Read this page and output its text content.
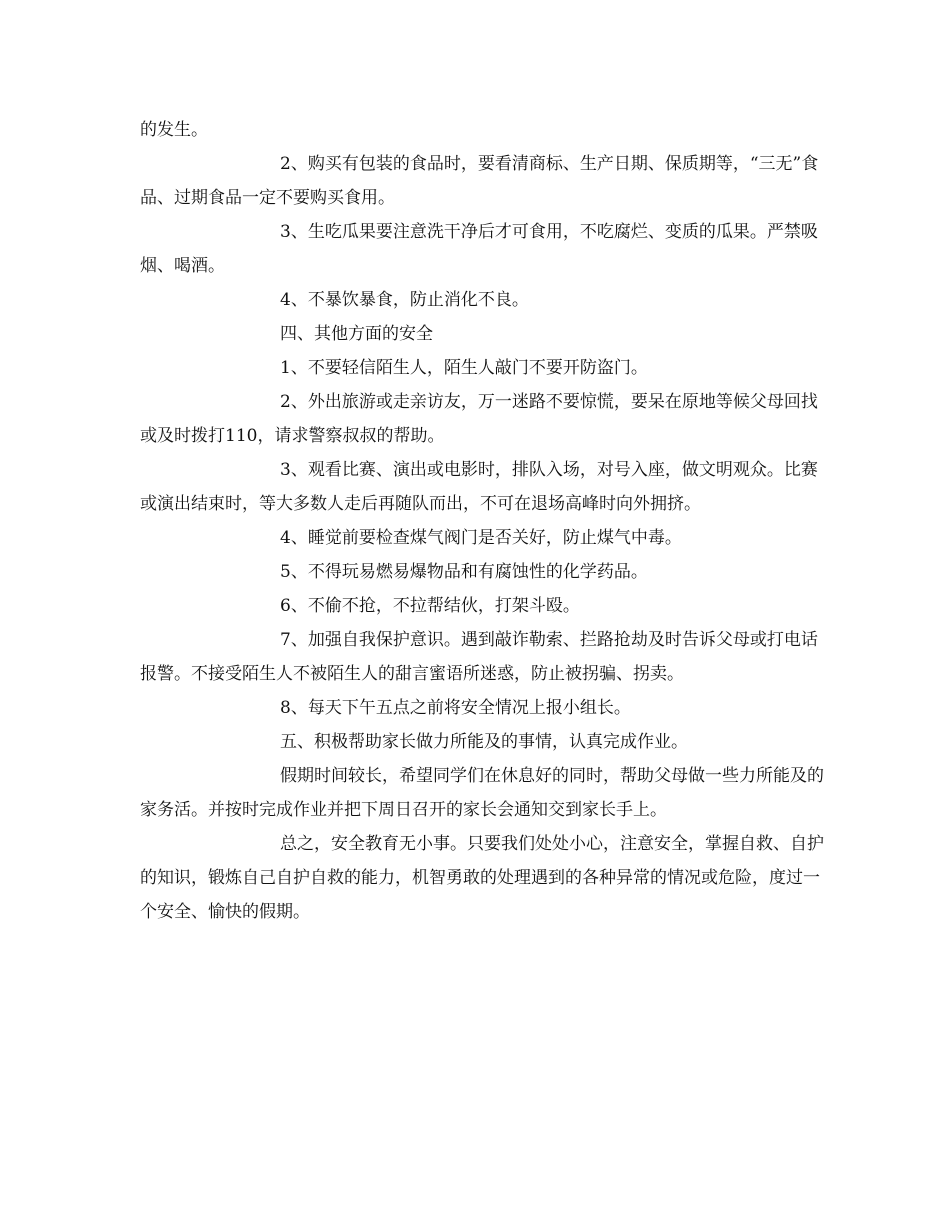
的发生。

2、购买有包装的食品时，要看清商标、生产日期、保质期等，“三无”食品、过期食品一定不要购买食用。

3、生吃瓜果要注意洗干净后才可食用，不吃腐烂、变质的瓜果。严禁吸烟、喝酒。

4、不暴饮暴食，防止消化不良。

四、其他方面的安全

1、不要轻信陌生人，陌生人敲门不要开防盗门。

2、外出旅游或走亲访友，万一迷路不要惊慌，要呆在原地等候父母回找或及时拨打110，请求警察叔叔的帮助。

3、观看比赛、演出或电影时，排队入场，对号入座，做文明观众。比赛或演出结束时，等大多数人走后再随队而出，不可在退场高峰时向外拥挤。

4、睡觉前要检查煤气阀门是否关好，防止煤气中毒。

5、不得玩易燃易爆物品和有腐蚀性的化学药品。

6、不偷不抢，不拉帮结伙，打架斗殴。

7、加强自我保护意识。遇到敲诈勒索、拦路抢劫及时告诉父母或打电话报警。不接受陌生人不被陌生人的甜言蜜语所迷惑，防止被拐骗、拐卖。

8、每天下午五点之前将安全情况上报小组长。

五、积极帮助家长做力所能及的事情，认真完成作业。

假期时间较长，希望同学们在休息好的同时，帮助父母做一些力所能及的家务活。并按时完成作业并把下周日召开的家长会通知交到家长手上。

总之，安全教育无小事。只要我们处处小心，注意安全，掌握自救、自护的知识，锻炼自己自护自救的能力，机智勇敢的处理遇到的各种异常的情况或危险，度过一个安全、愉快的假期。
